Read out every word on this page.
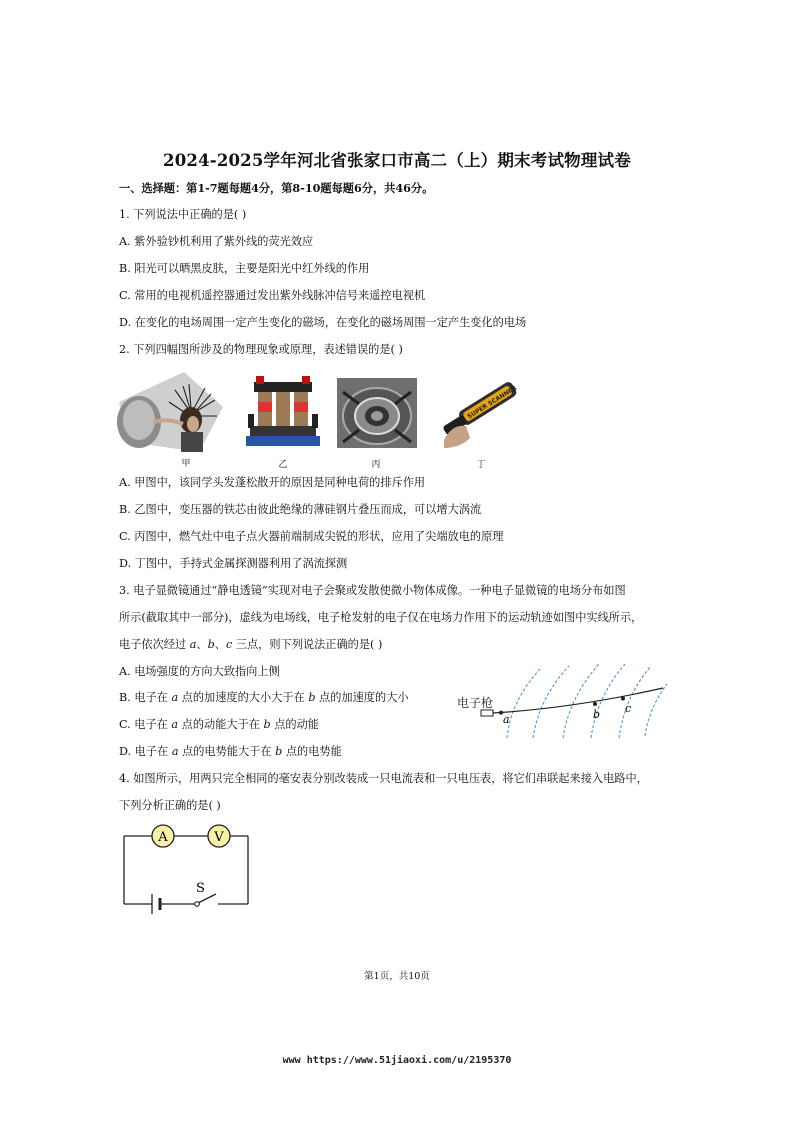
2024-2025学年河北省张家口市高二（上）期末考试物理试卷
一、选择题：第1-7题每题4分，第8-10题每题6分，共46分。
1. 下列说法中正确的是( )
A. 紫外验钞机利用了紫外线的荧光效应
B. 阳光可以晒黑皮肤，主要是阳光中红外线的作用
C. 常用的电视机遥控器通过发出紫外线脉冲信号来遥控电视机
D. 在变化的电场周围一定产生变化的磁场，在变化的磁场周围一定产生变化的电场
2. 下列四幅图所涉及的物理现象或原理，表述错误的是( )
SUPER SCANNER
甲	乙	丙	丁
A. 甲图中，该同学头发蓬松散开的原因是同种电荷的排斥作用
B. 乙图中，变压器的铁芯由彼此绝缘的薄硅钢片叠压而成，可以增大涡流
C. 丙图中，燃气灶中电子点火器前端制成尖锐的形状，应用了尖端放电的原理
D. 丁图中，手持式金属探测器利用了涡流探测
3. 电子显微镜通过“静电透镜”实现对电子会聚或发散使微小物体成像。一种电子显微镜的电场分布如图
所示(截取其中一部分)，虚线为电场线，电子枪发射的电子仅在电场力作用下的运动轨迹如图中实线所示，
电子依次经过 a、b、c 三点，则下列说法正确的是( )
A. 电场强度的方向大致指向上侧
B. 电子在 a 点的加速度的大小大于在 b 点的加速度的大小
C. 电子在 a 点的动能大于在 b 点的动能
D. 电子在 a 点的电势能大于在 b 点的电势能
电子枪
a	b c
4. 如图所示，用两只完全相同的毫安表分别改装成一只电流表和一只电压表，将它们串联起来接入电路中，
下列分析正确的是( )
A	V
S
第1页，共10页
www https://www.51jiaoxi.com/u/2195370
